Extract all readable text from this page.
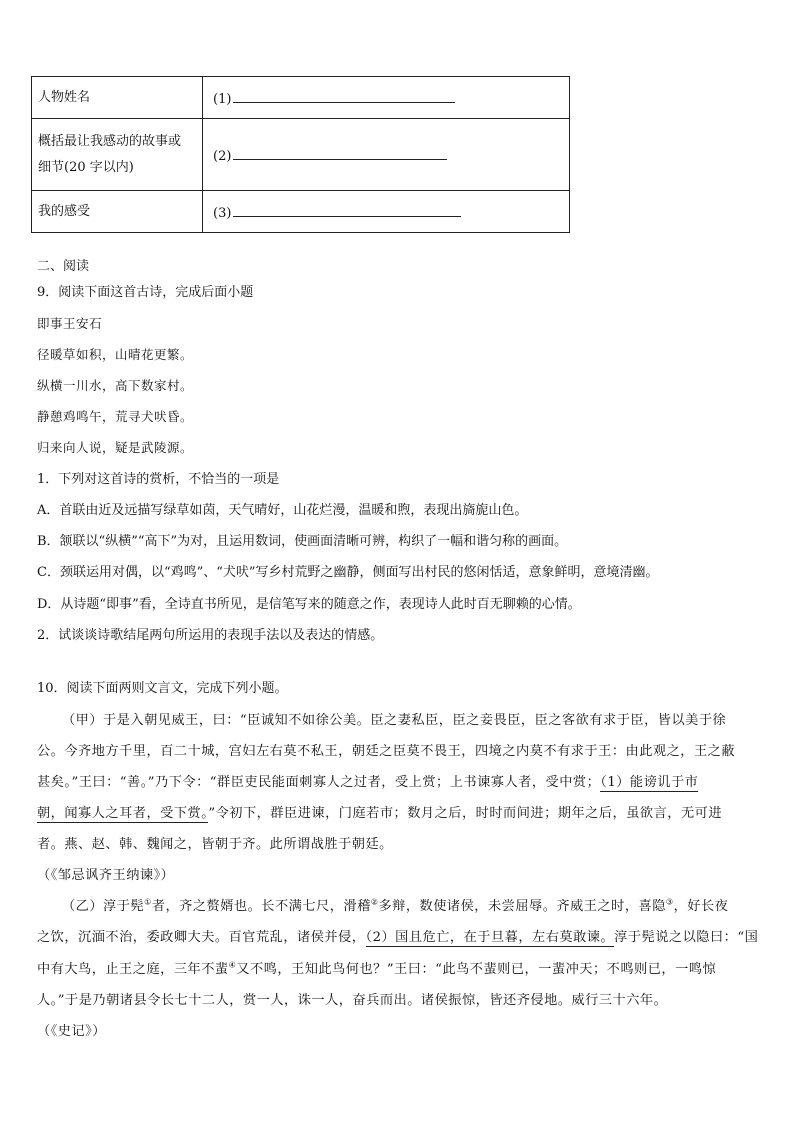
人物姓名	(1)

概括最让我感动的故事或
细节(20 字以内)	(2)
我的感受	(3)
二、阅读
9．阅读下面这首古诗，完成后面小题
即事王安石
径暖草如积，山晴花更繁。
纵横一川水，高下数家村。
静憩鸡鸣午，荒寻犬吠昏。
归来向人说，疑是武陵源。
1．下列对这首诗的赏析，不恰当的一项是
A．首联由近及远描写绿草如茵，天气晴好，山花烂漫，温暖和煦，表现出旖旎山色。
B．颔联以“纵横”“高下”为对，且运用数词，使画面清晰可辨，构织了一幅和谐匀称的画面。
C．颈联运用对偶，以“鸡鸣”、“犬吠”写乡村荒野之幽静，侧面写出村民的悠闲恬适，意象鲜明，意境清幽。
D．从诗题“即事”看，全诗直书所见，是信笔写来的随意之作，表现诗人此时百无聊赖的心情。
2．试谈谈诗歌结尾两句所运用的表现手法以及表达的情感。
10．阅读下面两则文言文，完成下列小题。
（甲）于是入朝见威王，曰：“臣诚知不如徐公美。臣之妻私臣，臣之妾畏臣，臣之客欲有求于臣，皆以美于徐
公。今齐地方千里，百二十城，宫妇左右莫不私王，朝廷之臣莫不畏王，四境之内莫不有求于王：由此观之，王之蔽
甚矣。”王曰：“善。”乃下令：“群臣吏民能面刺寡人之过者，受上赏；上书谏寡人者，受中赏；（1）能谤讥于市
朝，闻寡人之耳者，受下赏。”令初下，群臣进谏，门庭若市；数月之后，时时而间进；期年之后，虽欲言，无可进
者。燕、赵、韩、魏闻之，皆朝于齐。此所谓战胜于朝廷。
（《邹忌讽齐王纳谏》）
（乙）淳于髡①者，齐之赘婿也。长不满七尺，滑稽②多辩，数使诸侯，未尝屈辱。齐威王之时，喜隐③，好长夜
之饮，沉湎不治，委政卿大夫。百官荒乱，诸侯并侵，（2）国且危亡，在于旦暮，左右莫敢谏。淳于髡说之以隐曰：“国
中有大鸟，止王之庭，三年不蜚④又不鸣，王知此鸟何也？”王曰：“此鸟不蜚则已，一蜚冲天；不鸣则已，一鸣惊
人。”于是乃朝诸县令长七十二人，赏一人，诛一人，奋兵而出。诸侯振惊，皆还齐侵地。威行三十六年。
（《史记》）
